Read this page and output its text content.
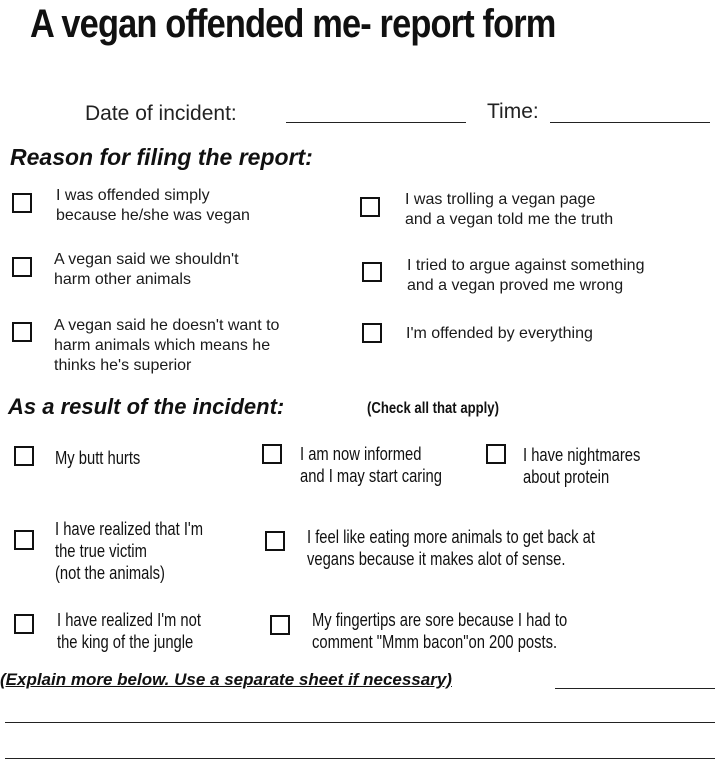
A vegan offended me- report form
Date of incident:	Time:
Reason for filing the report:
I was offended simply
because he/she was vegan
I was trolling a vegan page
and a vegan told me the truth
A vegan said we shouldn't
harm other animals
I tried to argue against something
and a vegan proved me wrong
A vegan said he doesn't want to
harm animals which means he
thinks he's superior
I'm offended by everything
As a result of the incident:	(Check all that apply)
My butt hurts	I am now informed
and I may start caring
I have nightmares
about protein
I have realized that I'm
the true victim
(not the animals)
I feel like eating more animals to get back at
vegans because it makes alot of sense.
I have realized I'm not
the king of the jungle
My fingertips are sore because I had to
comment "Mmm bacon"on 200 posts.
(Explain more below. Use a separate sheet if necessary)
